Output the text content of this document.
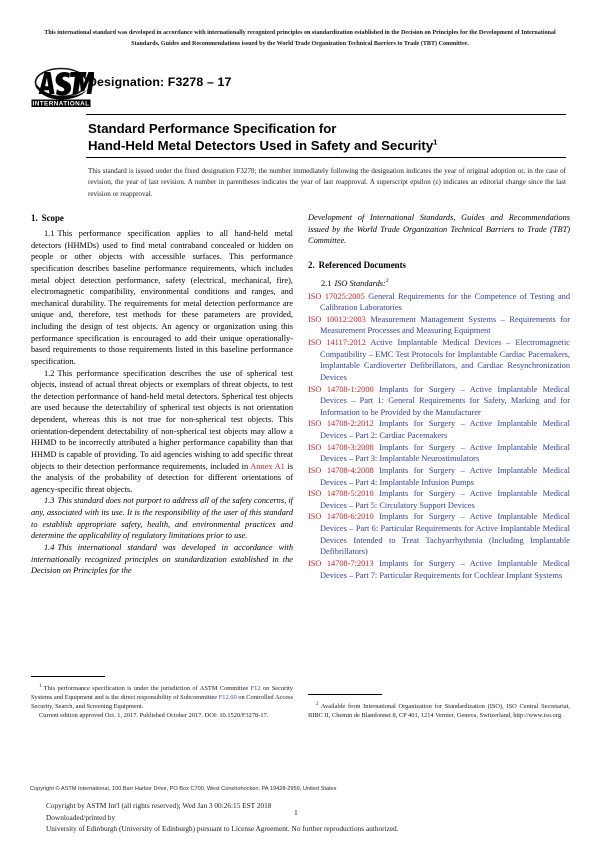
This international standard was developed in accordance with internationally recognized principles on standardization established in the Decision on Principles for the Development of International Standards, Guides and Recommendations issued by the World Trade Organization Technical Barriers to Trade (TBT) Committee.
INTERNATIONAL
Designation: F3278 – 17
Standard Performance Specification for
Hand-Held Metal Detectors Used in Safety and Security$^1$
This standard is issued under the fixed designation F3278; the number immediately following the designation indicates the year of original adoption or, in the case of revision, the year of last revision. A number in parentheses indicates the year of last reapproval. A superscript epsilon (ε) indicates an editorial change since the last revision or reapproval.
1. Scope

1.1 This performance specification applies to all hand-held metal detectors (HHMDs) used to find metal contraband concealed or hidden on people or other objects with accessible surfaces. This performance specification describes baseline performance requirements, which includes metal object detection performance, safety (electrical, mechanical, fire), electromagnetic compatibility, environmental conditions and ranges, and mechanical durability. The requirements for metal detection performance are unique and, therefore, test methods for these parameters are provided, including the design of test objects. An agency or organization using this performance specification is encouraged to add their unique operationally-based requirements to those requirements listed in this baseline performance specification.

1.2 This performance specification describes the use of spherical test objects, instead of actual threat objects or exemplars of threat objects, to test the detection performance of hand-held metal detectors. Spherical test objects are used because the detectability of spherical test objects is not orientation dependent, whereas this is not true for non-spherical test objects. This orientation-dependent detectability of non-spherical test objects may allow a HHMD to be incorrectly attributed a higher performance capability than that HHMD is capable of providing. To aid agencies wishing to add specific threat objects to their detection performance requirements, included in Annex A1 is the analysis of the probability of detection for different orientations of agency-specific threat objects.

1.3 This standard does not purport to address all of the safety concerns, if any, associated with its use. It is the responsibility of the user of this standard to establish appropriate safety, health, and environmental practices and determine the applicability of regulatory limitations prior to use.

1.4 This international standard was developed in accordance with internationally recognized principles on standardization established in the Decision on Principles for the

Development of International Standards, Guides and Recommendations issued by the World Trade Organization Technical Barriers to Trade (TBT) Committee.

2. Referenced Documents

2.1 ISO Standards:$^2$

ISO 17025:2005 General Requirements for the Competence of Testing and Calibration Laboratories
ISO 10012:2003 Measurement Management Systems – Requirements for Measurement Processes and Measuring Equipment
ISO 14117:2012 Active Implantable Medical Devices – Electromagnetic Compatibility – EMC Test Protocols for Implantable Cardiac Pacemakers, Implantable Cardioverter Defibrillators, and Cardiac Resynchronization Devices
ISO 14708-1:2000 Implants for Surgery – Active Implantable Medical Devices – Part 1: General Requirements for Safety, Marking and for Information to be Provided by the Manufacturer
ISO 14708-2:2012 Implants for Surgery – Active Implantable Medical Devices – Part 2: Cardiac Pacemakers
ISO 14708-3:2008 Implants for Surgery – Active Implantable Medical Devices – Part 3: Implantable Neurostimulators
ISO 14708-4:2008 Implants for Surgery – Active Implantable Medical Devices – Part 4: Implantable Infusion Pumps
ISO 14708-5:2010 Implants for Surgery – Active Implantable Medical Devices – Part 5: Circulatory Support Devices
ISO 14708-6:2010 Implants for Surgery – Active Implantable Medical Devices – Part 6: Particular Requirements for Active Implantable Medical Devices Intended to Treat Tachyarrhythmia (Including Implantable Defibrillators)
ISO 14708-7:2013 Implants for Surgery – Active Implantable Medical Devices – Part 7: Particular Requirements for Cochlear Implant Systems

$^1$ This performance specification is under the jurisdiction of ASTM Committee F12 on Security Systems and Equipment and is the direct responsibility of Subcommittee F12.60 on Controlled Access Security, Search, and Screening Equipment.

Current edition approved Oct. 1, 2017. Published October 2017. DOI: 10.1520/F3278-17.

$^2$ Available from International Organization for Standardization (ISO), ISO Central Secretariat, BIBC II, Chemin de Blandonnet 8, CP 401, 1214 Vernier, Geneva, Switzerland, http://www.iso.org.

Copyright © ASTM International, 100 Barr Harbor Drive, PO Box C700, West Conshohocken, PA 19428-2959, United States
Copyright by ASTM Int'l (all rights reserved); Wed Jan 3 00:26:15 EST 2018
Downloaded/printed by
University of Edinburgh (University of Edinburgh) pursuant to License Agreement. No further reproductions authorized.
1
